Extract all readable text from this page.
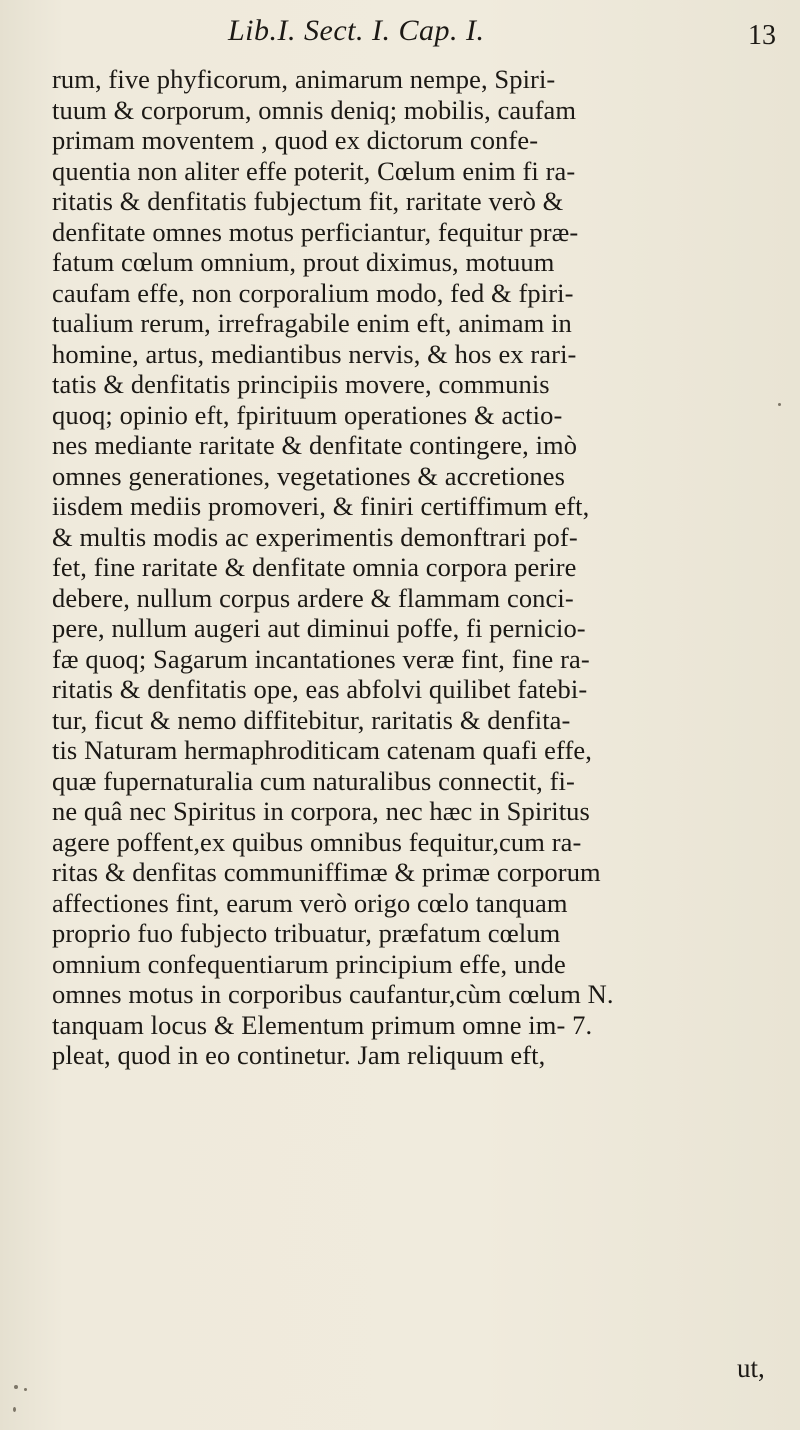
Lib.I. Sect. I. Cap. I.	13
rum, five phyficorum, animarum nempe, Spiri-
tuum & corporum, omnis deniq; mobilis, caufam
primam moventem , quod ex dictorum confe-
quentia non aliter effe poterit, Cœlum enim fi ra-
ritatis & denfitatis fubjectum fit, raritate verò &
denfitate omnes motus perficiantur, fequitur præ-
fatum cœlum omnium, prout diximus, motuum
caufam effe, non corporalium modo, fed & fpiri-
tualium rerum, irrefragabile enim eft, animam in
homine, artus, mediantibus nervis, & hos ex rari-
tatis & denfitatis principiis movere, communis
quoq; opinio eft, fpirituum operationes & actio-
nes mediante raritate & denfitate contingere, imò
omnes generationes, vegetationes & accretiones
iisdem mediis promoveri, & finiri certiffimum eft,
& multis modis ac experimentis demonftrari pof-
fet, fine raritate & denfitate omnia corpora perire
debere, nullum corpus ardere & flammam conci-
pere, nullum augeri aut diminui poffe, fi pernicio-
fæ quoq; Sagarum incantationes veræ fint, fine ra-
ritatis & denfitatis ope, eas abfolvi quilibet fatebi-
tur, ficut & nemo diffitebitur, raritatis & denfita-
tis Naturam hermaphroditicam catenam quafi effe,
quæ fupernaturalia cum naturalibus connectit, fi-
ne quâ nec Spiritus in corpora, nec hæc in Spiritus
agere poffent,ex quibus omnibus fequitur,cum ra-
ritas & denfitas communiffimæ & primæ corporum
affectiones fint, earum verò origo cœlo tanquam
proprio fuo fubjecto tribuatur, præfatum cœlum
omnium confequentiarum principium effe, unde
omnes motus in corporibus caufantur,cùm cœlum N.
tanquam locus & Elementum primum omne im- 7.
pleat, quod in eo continetur. Jam reliquum eft,
ut,
